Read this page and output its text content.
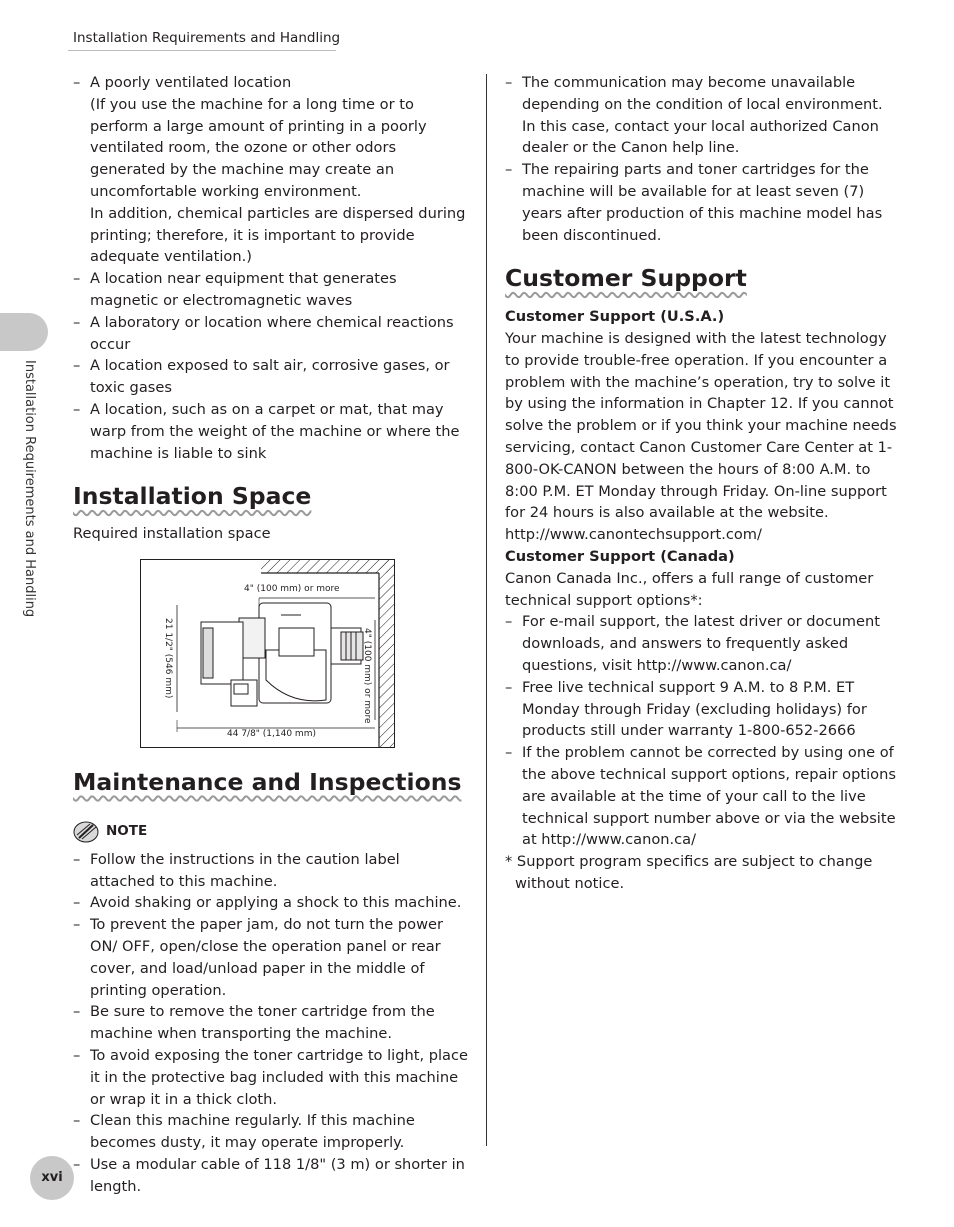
Installation Requirements and Handling
Installation Requirements and Handling
xvi
– A poorly ventilated location
(If you use the machine for a long time or to perform a large amount of printing in a poorly ventilated room, the ozone or other odors generated by the machine may create an uncomfortable working environment.
In addition, chemical particles are dispersed during printing; therefore, it is important to provide adequate ventilation.)
– A location near equipment that generates magnetic or electromagnetic waves
– A laboratory or location where chemical reactions occur
– A location exposed to salt air, corrosive gases, or toxic gases
– A location, such as on a carpet or mat, that may warp from the weight of the machine or where the machine is liable to sink
Installation Space
Required installation space
4" (100 mm) or more
44 7/8" (1,140 mm)
21 1/2" (546 mm)	4" (100 mm) or more
Maintenance and Inspections
NOTE
– Follow the instructions in the caution label attached to this machine.
– Avoid shaking or applying a shock to this machine.
– To prevent the paper jam, do not turn the power ON/ OFF, open/close the operation panel or rear cover, and load/unload paper in the middle of printing operation.
– Be sure to remove the toner cartridge from the machine when transporting the machine.
– To avoid exposing the toner cartridge to light, place it in the protective bag included with this machine or wrap it in a thick cloth.
– Clean this machine regularly. If this machine becomes dusty, it may operate improperly.
– Use a modular cable of 118 1/8" (3 m) or shorter in length.
– The communication may become unavailable depending on the condition of local environment. In this case, contact your local authorized Canon dealer or the Canon help line.
– The repairing parts and toner cartridges for the machine will be available for at least seven (7) years after production of this machine model has been discontinued.
Customer Support
Customer Support (U.S.A.)
Your machine is designed with the latest technology to provide trouble-free operation. If you encounter a problem with the machine’s operation, try to solve it by using the information in Chapter 12. If you cannot solve the problem or if you think your machine needs servicing, contact Canon Customer Care Center at 1-800-OK-CANON between the hours of 8:00 A.M. to 8:00 P.M. ET Monday through Friday. On-line support for 24 hours is also available at the website.
http://www.canontechsupport.com/
Customer Support (Canada)
Canon Canada Inc., offers a full range of customer technical support options*:
– For e-mail support, the latest driver or document downloads, and answers to frequently asked questions, visit http://www.canon.ca/
– Free live technical support 9 A.M. to 8 P.M. ET Monday through Friday (excluding holidays) for products still under warranty 1-800-652-2666
– If the problem cannot be corrected by using one of the above technical support options, repair options are available at the time of your call to the live technical support number above or via the website at http://www.canon.ca/
* Support program specifics are subject to change without notice.
